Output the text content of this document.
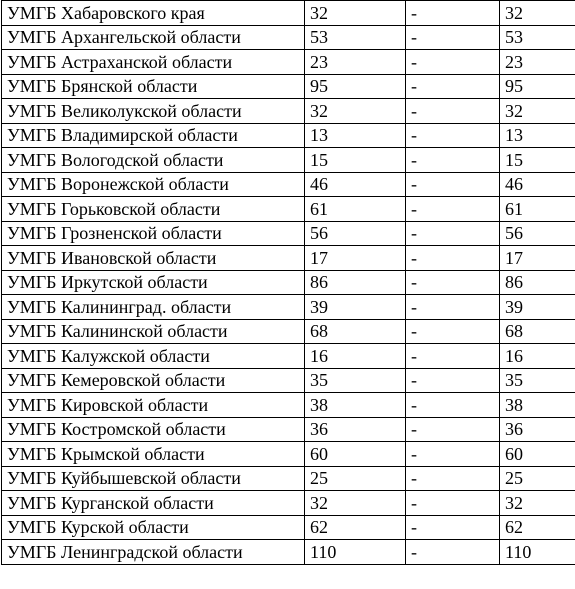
УМГБ Хабаровского края	32	-	32
УМГБ Архангельской области	53	-	53
УМГБ Астраханской области	23	-	23
УМГБ Брянской области	95	-	95
УМГБ Великолукской области	32	-	32
УМГБ Владимирской области	13	-	13
УМГБ Вологодской области	15	-	15
УМГБ Воронежской области	46	-	46
УМГБ Горьковской области	61	-	61
УМГБ Грозненской области	56	-	56
УМГБ Ивановской области	17	-	17
УМГБ Иркутской области	86	-	86
УМГБ Калининград. области	39	-	39
УМГБ Калининской области	68	-	68
УМГБ Калужской области	16	-	16
УМГБ Кемеровской области	35	-	35
УМГБ Кировской области	38	-	38
УМГБ Костромской области	36	-	36
УМГБ Крымской области	60	-	60
УМГБ Куйбышевской области	25	-	25
УМГБ Курганской области	32	-	32
УМГБ Курской области	62	-	62
УМГБ Ленинградской области	110	-	110
